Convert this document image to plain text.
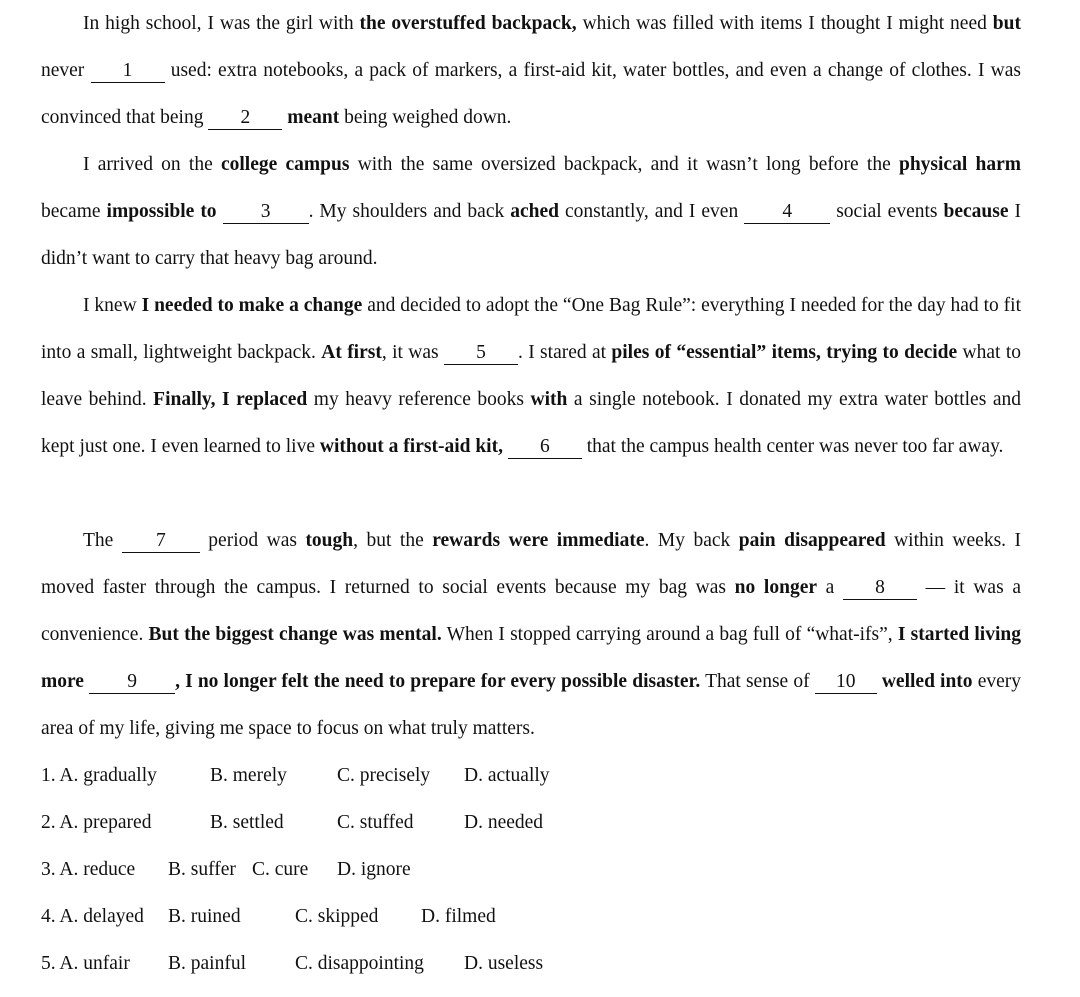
In high school, I was the girl with the overstuffed backpack, which was filled with items I thought I might need but never 1 used: extra notebooks, a pack of markers, a first-aid kit, water bottles, and even a change of clothes. I was convinced that being 2 meant being weighed down.

I arrived on the college campus with the same oversized backpack, and it wasn’t long before the physical harm became impossible to 3 . My shoulders and back ached constantly, and I even 4 social events because I didn’t want to carry that heavy bag around.

I knew I needed to make a change and decided to adopt the “One Bag Rule”: everything I needed for the day had to fit into a small, lightweight backpack. At first, it was 5 . I stared at piles of “essential” items, trying to decide what to leave behind. Finally, I replaced my heavy reference books with a single notebook. I donated my extra water bottles and kept just one. I even learned to live without a first-aid kit, 6 that the campus health center was never too far away.

The 7 period was tough, but the rewards were immediate. My back pain disappeared within weeks. I moved faster through the campus. I returned to social events because my bag was no longer a 8 — it was a convenience. But the biggest change was mental. When I stopped carrying around a bag full of “what-ifs”, I started living more 9 , I no longer felt the need to prepare for every possible disaster. That sense of 10 welled into every area of my life, giving me space to focus on what truly matters.

1. A. gradually	B. merely	C. precisely D. actually
2. A. prepared	B. settled	C. stuffed	D. needed
3. A. reduce B. suffer C. cure D. ignore
4. A. delayed B. ruined	C. skipped D. filmed
5. A. unfair B. painful	C. disappointing D. useless
